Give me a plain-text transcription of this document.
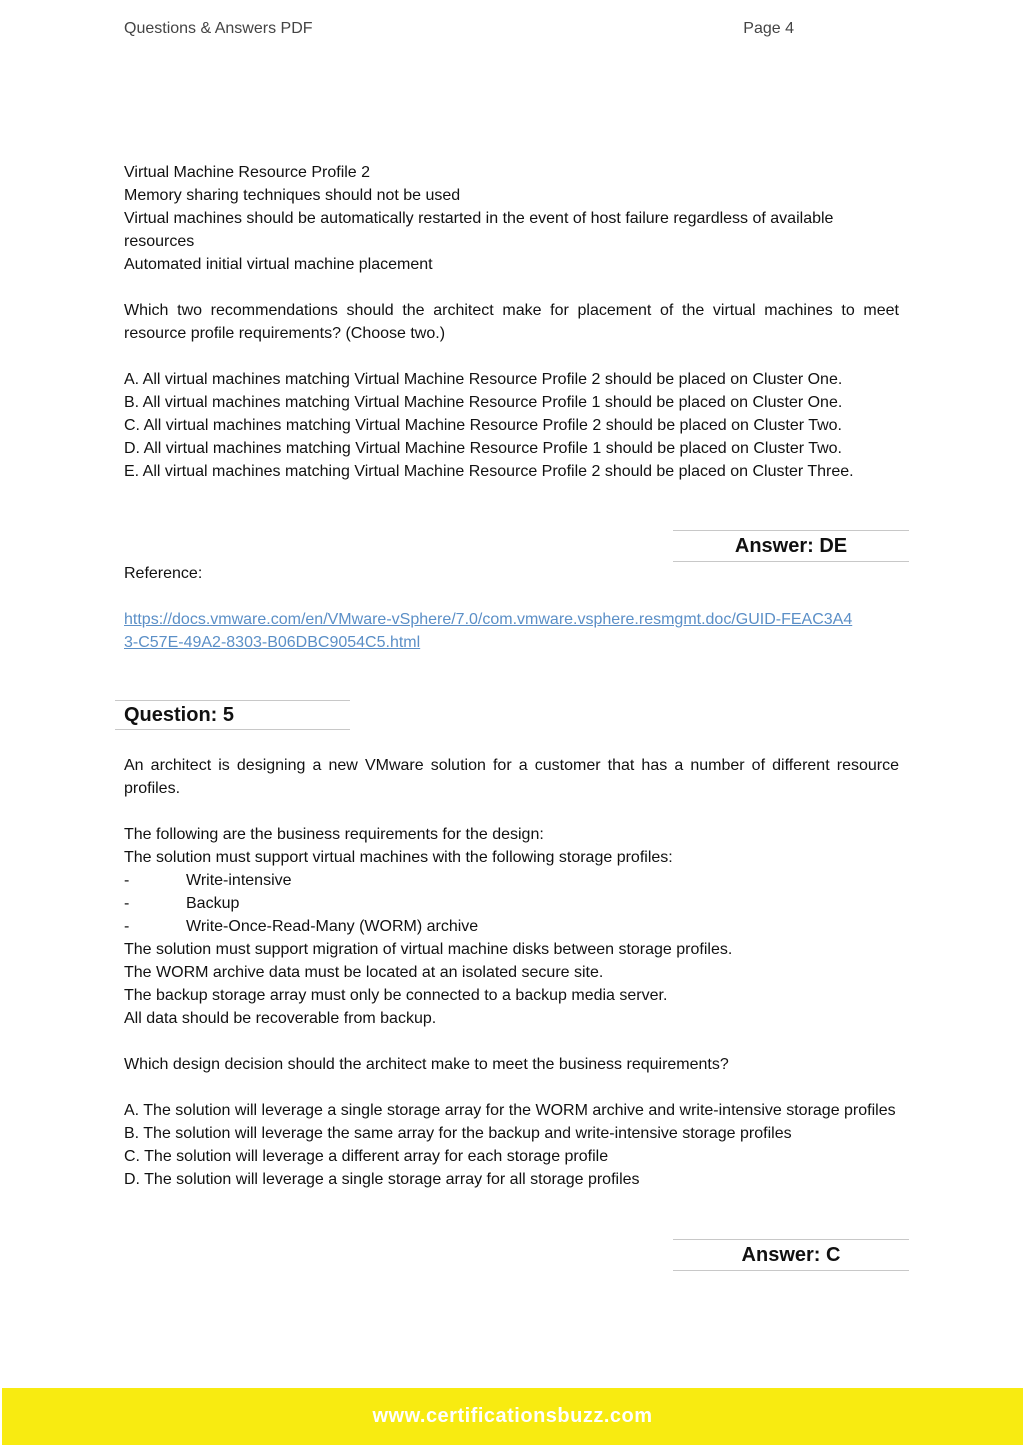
Questions & Answers PDF	Page 4
Virtual Machine Resource Profile 2
Memory sharing techniques should not be used
Virtual machines should be automatically restarted in the event of host failure regardless of available resources
Automated initial virtual machine placement
Which two recommendations should the architect make for placement of the virtual machines to meet resource profile requirements? (Choose two.)
A. All virtual machines matching Virtual Machine Resource Profile 2 should be placed on Cluster One.
B. All virtual machines matching Virtual Machine Resource Profile 1 should be placed on Cluster One.
C. All virtual machines matching Virtual Machine Resource Profile 2 should be placed on Cluster Two.
D. All virtual machines matching Virtual Machine Resource Profile 1 should be placed on Cluster Two.
E. All virtual machines matching Virtual Machine Resource Profile 2 should be placed on Cluster Three.
Answer: DE
Reference:
https://docs.vmware.com/en/VMware-vSphere/7.0/com.vmware.vsphere.resmgmt.doc/GUID-FEAC3A43-C57E-49A2-8303-B06DBC9054C5.html
Question: 5
An architect is designing a new VMware solution for a customer that has a number of different resource profiles.
The following are the business requirements for the design:
The solution must support virtual machines with the following storage profiles:
-	Write-intensive
-	Backup
-	Write-Once-Read-Many (WORM) archive
The solution must support migration of virtual machine disks between storage profiles.
The WORM archive data must be located at an isolated secure site.
The backup storage array must only be connected to a backup media server.
All data should be recoverable from backup.
Which design decision should the architect make to meet the business requirements?
A. The solution will leverage a single storage array for the WORM archive and write-intensive storage profiles
B. The solution will leverage the same array for the backup and write-intensive storage profiles
C. The solution will leverage a different array for each storage profile
D. The solution will leverage a single storage array for all storage profiles
Answer: C
www.certificationsbuzz.com
